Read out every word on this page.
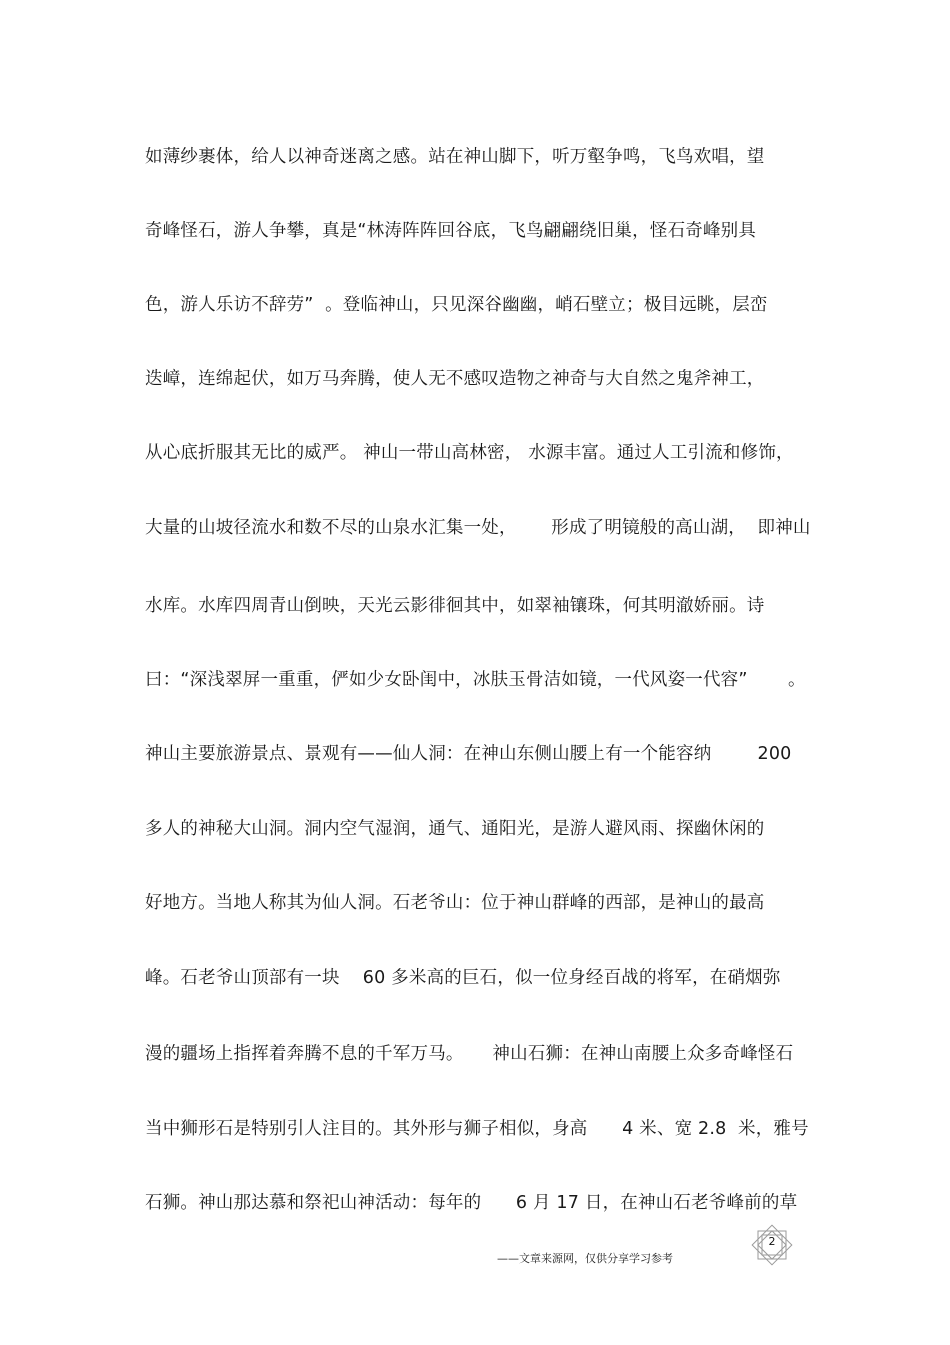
如薄纱裹体，给人以神奇迷离之感。站在神山脚下，听万壑争鸣，飞鸟欢唱，望
奇峰怪石，游人争攀，真是“林涛阵阵回谷底，飞鸟翩翩绕旧巢，怪石奇峰别具
色，游人乐访不辞劳”  。登临神山，只见深谷幽幽，峭石壁立；极目远眺，层峦
迭嶂，连绵起伏，如万马奔腾，使人无不感叹造物之神奇与大自然之鬼斧神工，
从心底折服其无比的威严。 神山一带山高林密， 水源丰富。通过人工引流和修饰，
大量的山坡径流水和数不尽的山泉水汇集一处，      形成了明镜般的高山湖，  即神山
水库。水库四周青山倒映，天光云影徘徊其中，如翠袖镶珠，何其明澈娇丽。诗
曰：“深浅翠屏一重重，俨如少女卧闺中，冰肤玉骨洁如镜，一代风姿一代容”       。
神山主要旅游景点、景观有——仙人洞：在神山东侧山腰上有一个能容纳        200
多人的神秘大山洞。洞内空气湿润，通气、通阳光，是游人避风雨、探幽休闲的
好地方。当地人称其为仙人洞。石老爷山：位于神山群峰的西部，是神山的最高
峰。石老爷山顶部有一块    60 多米高的巨石，似一位身经百战的将军，在硝烟弥
漫的疆场上指挥着奔腾不息的千军万马。     神山石狮：在神山南腰上众多奇峰怪石
当中狮形石是特别引人注目的。其外形与狮子相似，身高      4 米、宽 2.8  米，雅号
石狮。神山那达慕和祭祀山神活动：每年的      6 月 17 日，在神山石老爷峰前的草
——文章来源网，仅供分享学习参考
2
